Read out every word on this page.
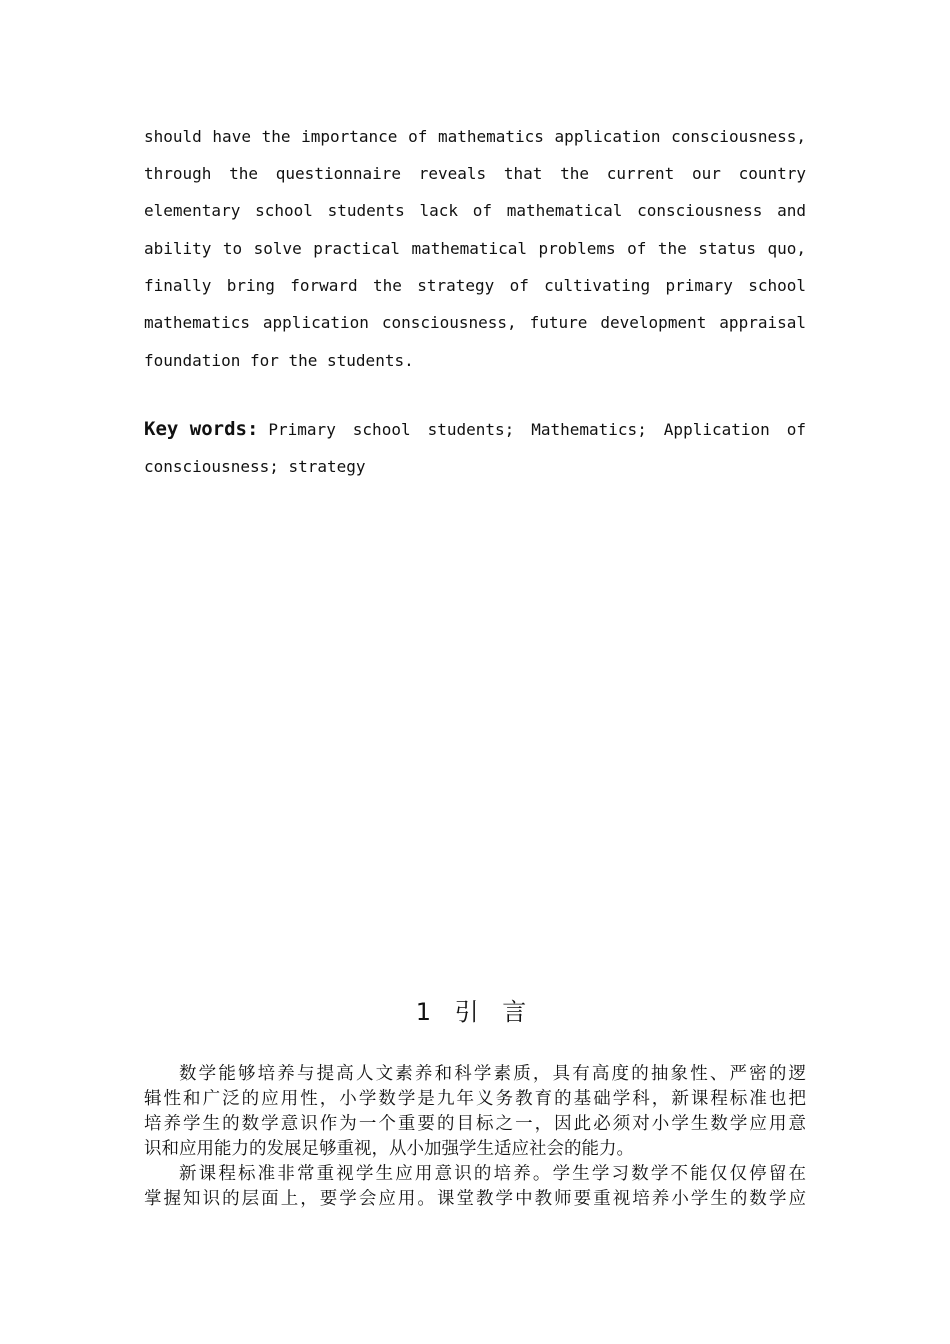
should have the importance of mathematics application consciousness,
through the questionnaire reveals that the current our country
elementary school students lack of mathematical consciousness and
ability to solve practical mathematical problems of the status quo,
finally bring forward the strategy of cultivating primary school
mathematics application consciousness, future development appraisal
foundation for the students.
Key words: Primary school students; Mathematics; Application of
consciousness; strategy
1 引 言
数学能够培养与提高人文素养和科学素质，具有高度的抽象性、严密的逻
辑性和广泛的应用性，小学数学是九年义务教育的基础学科，新课程标准也把
培养学生的数学意识作为一个重要的目标之一，因此必须对小学生数学应用意
识和应用能力的发展足够重视，从小加强学生适应社会的能力。
新课程标准非常重视学生应用意识的培养。学生学习数学不能仅仅停留在
掌握知识的层面上，要学会应用。课堂教学中教师要重视培养小学生的数学应
